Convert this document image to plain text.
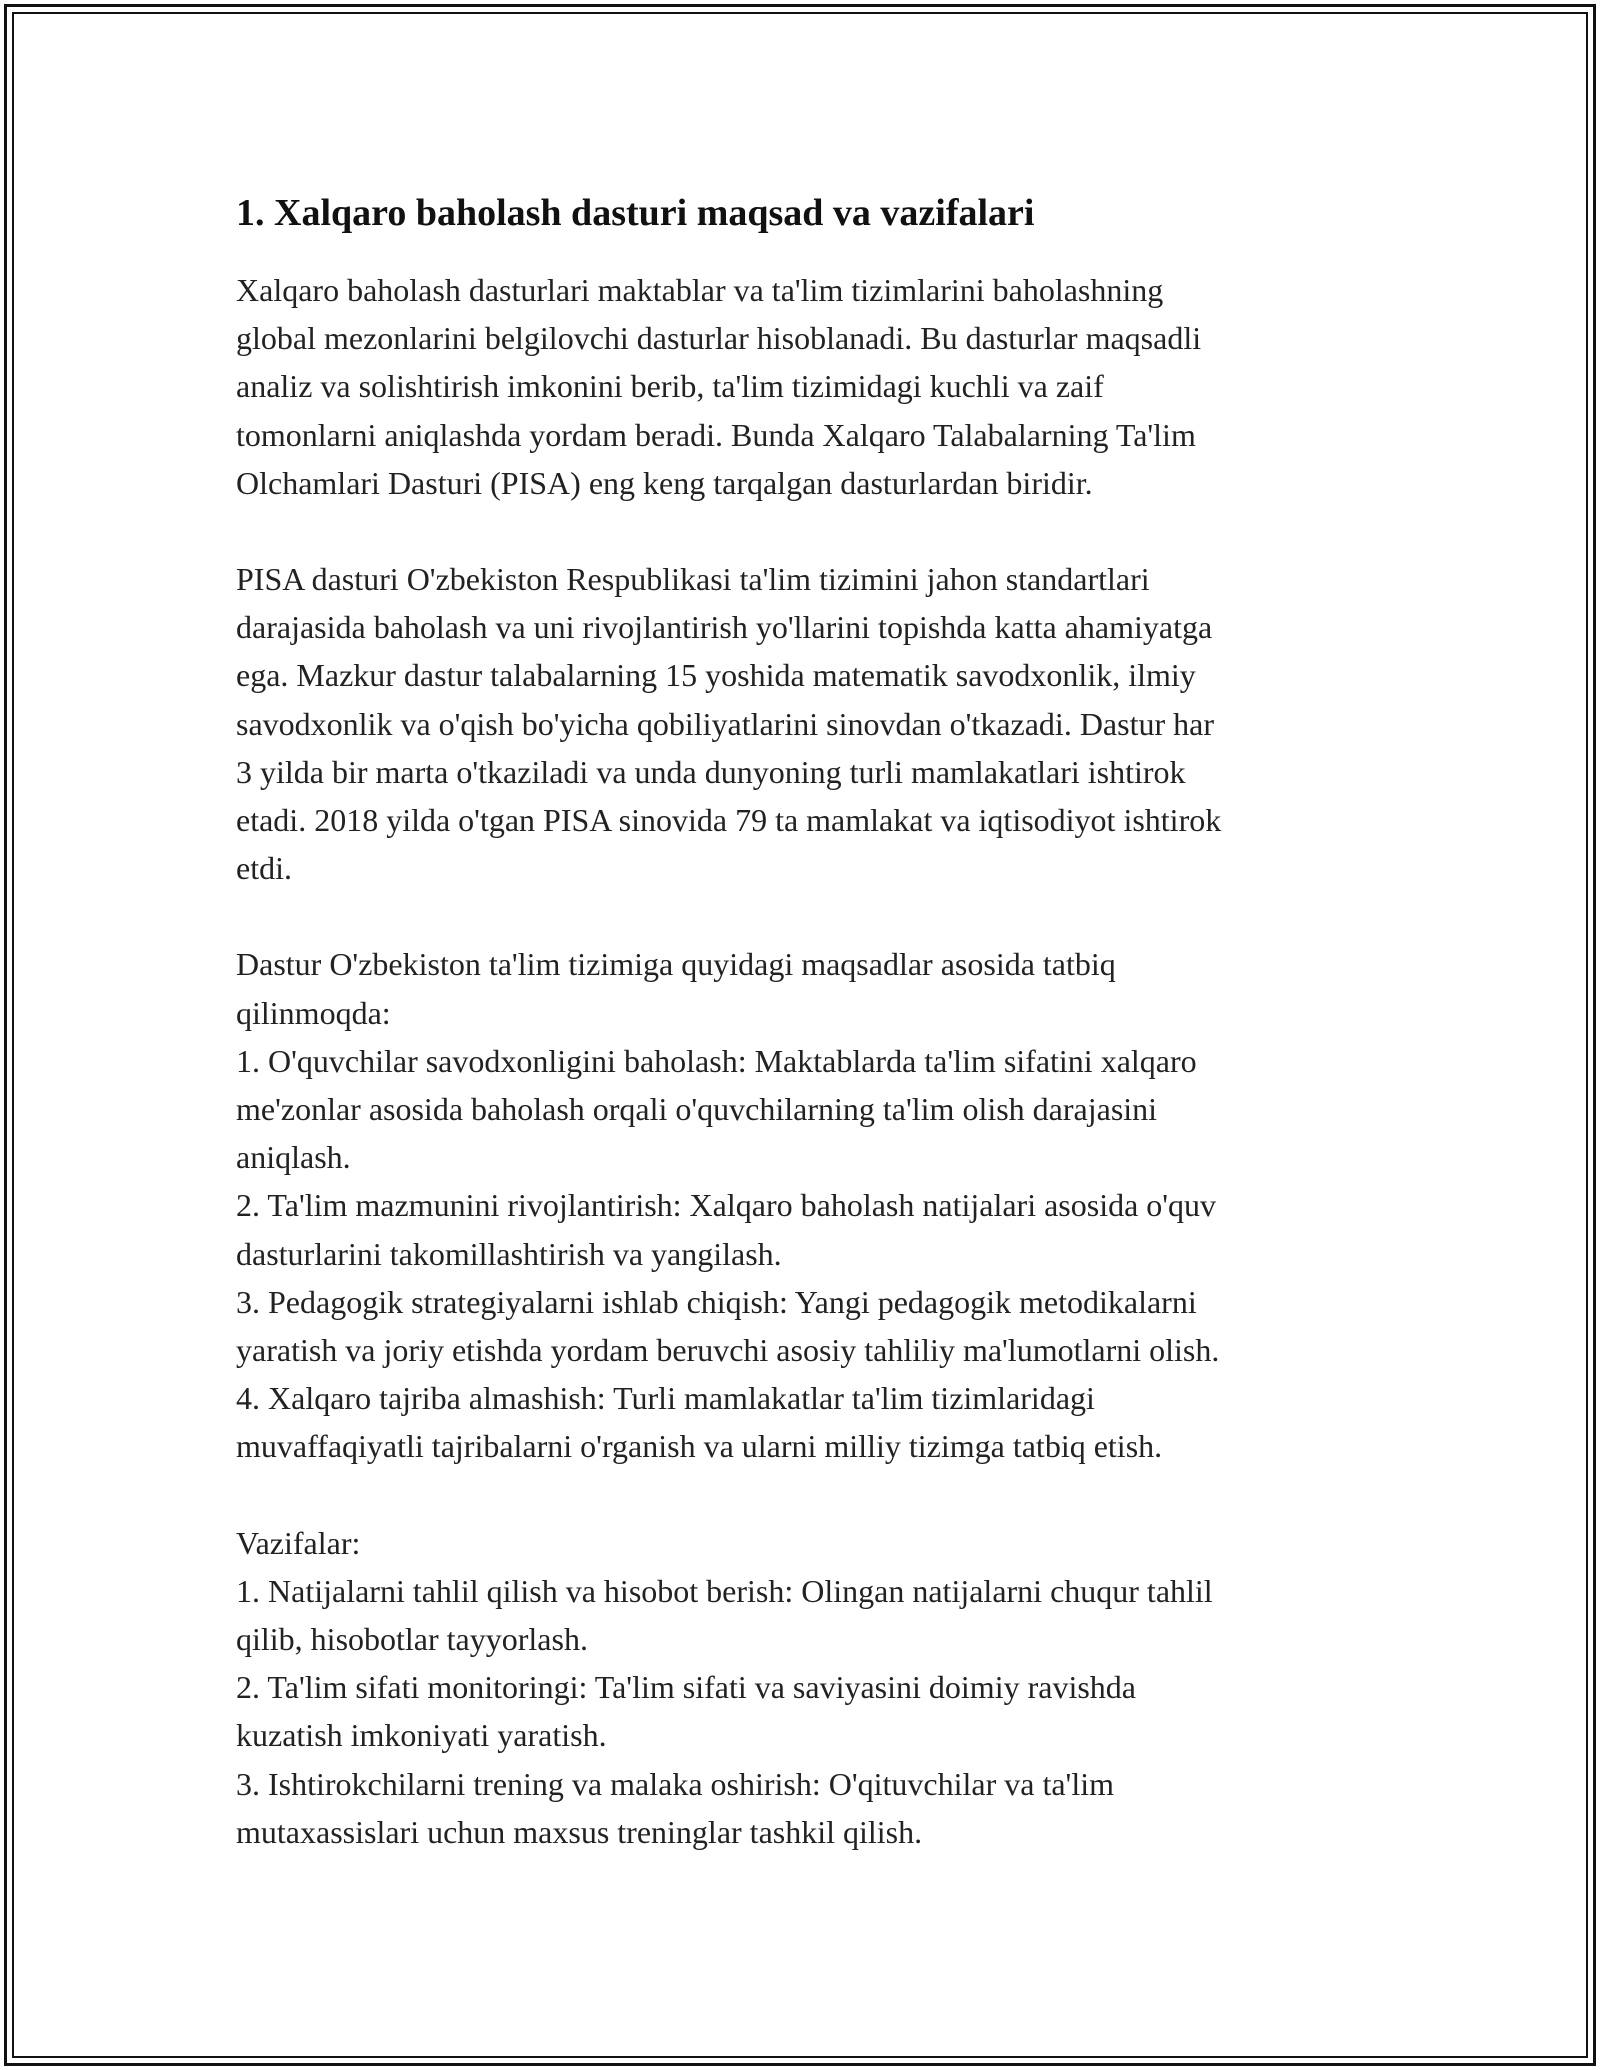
1. Xalqaro baholash dasturi maqsad va vazifalari

Xalqaro baholash dasturlari maktablar va ta'lim tizimlarini baholashning
global mezonlarini belgilovchi dasturlar hisoblanadi. Bu dasturlar maqsadli
analiz va solishtirish imkonini berib, ta'lim tizimidagi kuchli va zaif
tomonlarni aniqlashda yordam beradi. Bunda Xalqaro Talabalarning Ta'lim
Olchamlari Dasturi (PISA) eng keng tarqalgan dasturlardan biridir.

PISA dasturi O'zbekiston Respublikasi ta'lim tizimini jahon standartlari
darajasida baholash va uni rivojlantirish yo'llarini topishda katta ahamiyatga
ega. Mazkur dastur talabalarning 15 yoshida matematik savodxonlik, ilmiy
savodxonlik va o'qish bo'yicha qobiliyatlarini sinovdan o'tkazadi. Dastur har
3 yilda bir marta o'tkaziladi va unda dunyoning turli mamlakatlari ishtirok
etadi. 2018 yilda o'tgan PISA sinovida 79 ta mamlakat va iqtisodiyot ishtirok
etdi.

Dastur O'zbekiston ta'lim tizimiga quyidagi maqsadlar asosida tatbiq
qilinmoqda:
1. O'quvchilar savodxonligini baholash: Maktablarda ta'lim sifatini xalqaro
me'zonlar asosida baholash orqali o'quvchilarning ta'lim olish darajasini
aniqlash.
2. Ta'lim mazmunini rivojlantirish: Xalqaro baholash natijalari asosida o'quv
dasturlarini takomillashtirish va yangilash.
3. Pedagogik strategiyalarni ishlab chiqish: Yangi pedagogik metodikalarni
yaratish va joriy etishda yordam beruvchi asosiy tahliliy ma'lumotlarni olish.
4. Xalqaro tajriba almashish: Turli mamlakatlar ta'lim tizimlaridagi
muvaffaqiyatli tajribalarni o'rganish va ularni milliy tizimga tatbiq etish.

Vazifalar:
1. Natijalarni tahlil qilish va hisobot berish: Olingan natijalarni chuqur tahlil
qilib, hisobotlar tayyorlash.
2. Ta'lim sifati monitoringi: Ta'lim sifati va saviyasini doimiy ravishda
kuzatish imkoniyati yaratish.
3. Ishtirokchilarni trening va malaka oshirish: O'qituvchilar va ta'lim
mutaxassislari uchun maxsus treninglar tashkil qilish.
